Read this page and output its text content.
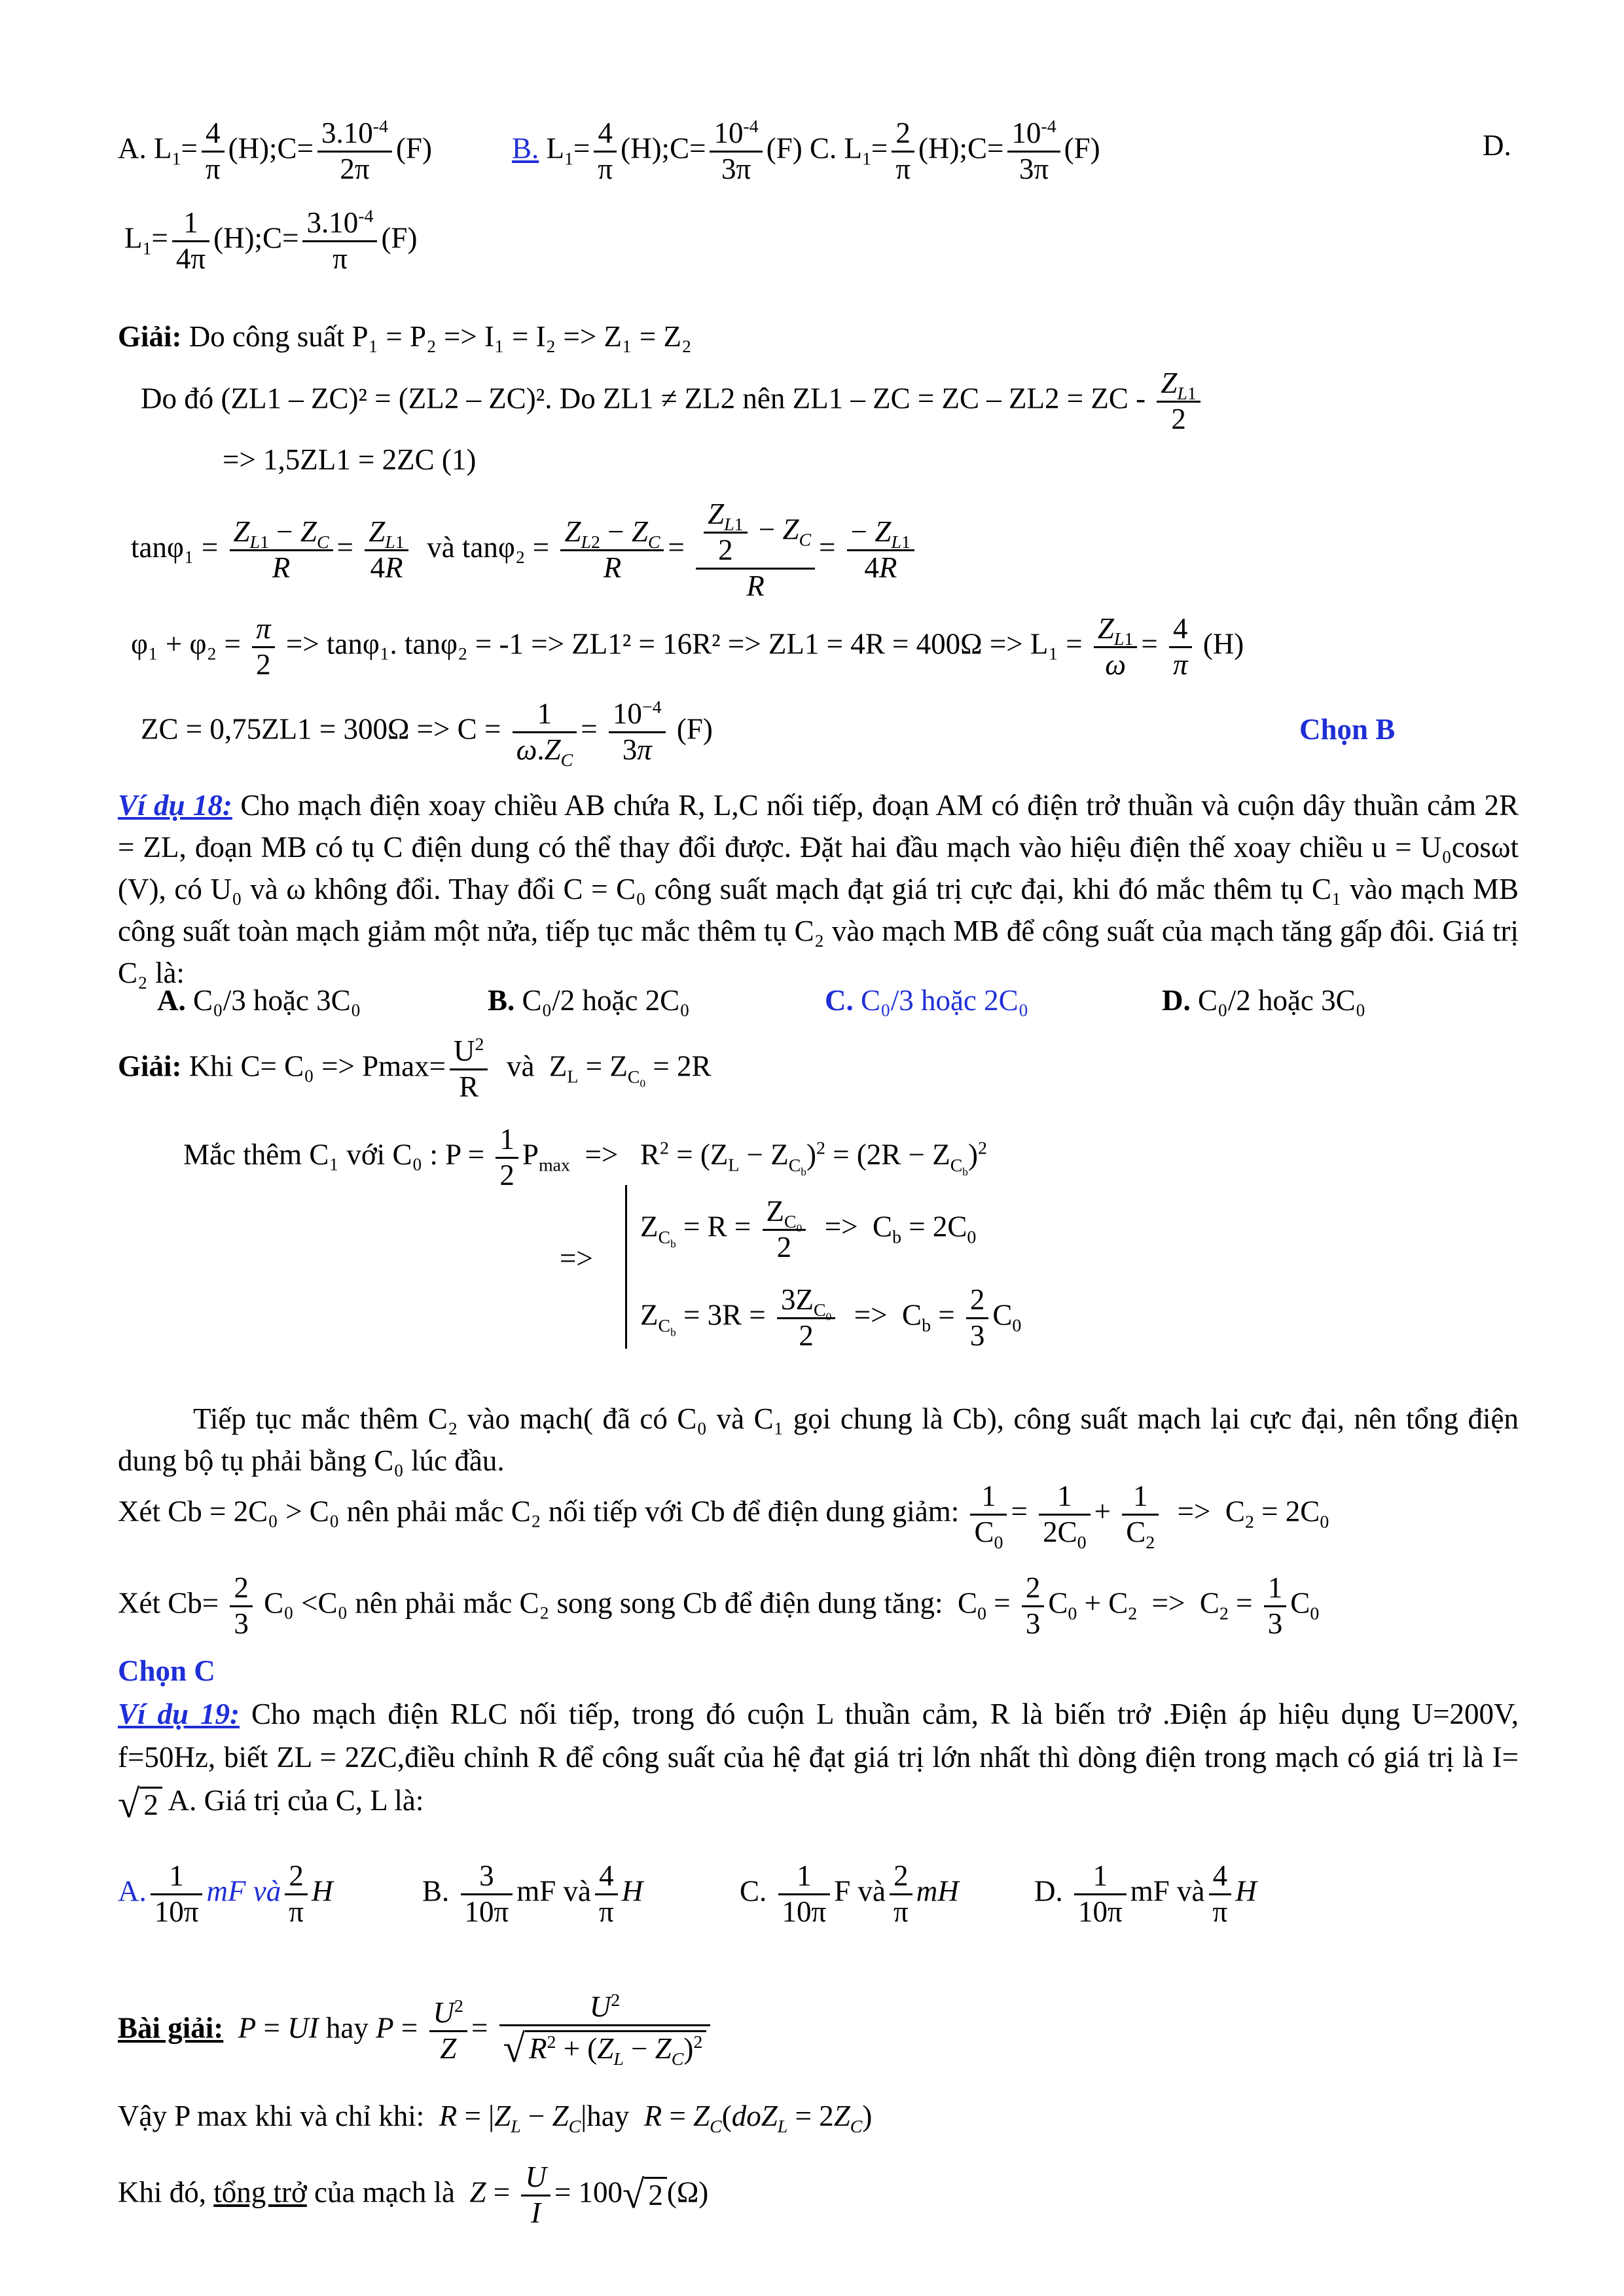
A. $L_1= \frac{4}{\pi}$ (H);C= $\frac{3.10^{-4}}{2\pi} (F)$	B. $L_1= \frac{4}{\pi}$ (H);C= $\frac{10^{-4}}{3\pi} (F)$ C. $L_1= \frac{2}{\pi}$ (H);C= $\frac{10^{-4}}{3\pi} (F)$	D.
$L_1= \frac{1}{4\pi}$ (H);C= $\frac{3.10^{-4}}{\pi} (F)$
Giải: Do công suất P₁ = P₂ => I₁ = I₂ => Z₁ = Z₂
Do đó (ZL1 – ZC)² = (ZL2 – ZC)². Do ZL1 ≠ ZL2 nên ZL1 – ZC = ZC – ZL2 = ZC - $\frac{Z_{L1}}{2}$
=> 1,5ZL1 = 2ZC (1)
$\tan\varphi_1 = \frac{Z_{L1} - Z_C}{R} = \frac{Z_{L1}}{4R}$ và $\tan\varphi_2 = \frac{Z_{L2} - Z_C}{R} = \frac{\frac{Z_{L1}}{2} - Z_C}{R} = \frac{- Z_{L1}}{4R}$
$\varphi_1 + \varphi_2 = \frac{\pi}{2} => \tan\varphi_1$. $\tan\varphi_2 = -1 => ZL1^2 = 16R^2 => ZL1 = 4R = 400\Omega => L_1 = \frac{Z_{L1}}{\omega} = \frac{4}{\pi} (H)$
ZC = $0,75ZL1 = 300\Omega => C = \frac{1}{\omega.Z_C} = \frac{10^{-4}}{3\pi} (F)$	Chọn B
Ví dụ 18: Cho mạch điện xoay chiều AB chứa R, L,C nối tiếp, đoạn AM có điện trở thuần và cuộn dây thuần cảm 2R = ZL, đoạn MB có tụ C điện dung có thể thay đổi được. Đặt hai đầu mạch vào hiệu điện thế xoay chiều u = U₀cosωt (V), có U₀ và ω không đổi. Thay đổi C = C₀ công suất mạch đạt giá trị cực đại, khi đó mắc thêm tụ C₁ vào mạch MB công suất toàn mạch giảm một nửa, tiếp tục mắc thêm tụ C₂ vào mạch MB để công suất của mạch tăng gấp đôi. Giá trị C₂ là:
A. C₀/3 hoặc 3C₀	B. C₀/2 hoặc 2C₀	C. C₀/3 hoặc 2C₀	D. C₀/2 hoặc 3C₀
Giải: Khi $C= C_0 => Pmax= \frac{U^2}{R}$ và  $Z_L = Z_{C_0} = 2R$
Mắc thêm C₁ với C₀ : $P = \frac{1}{2} P_{max} => R^2 = (Z_L - Z_{C_b})^2 = (2R - Z_{C_b})^2$
=>
$Z_{C_b} = R = \frac{Z_{C_0}}{2} => C_b = 2C_0$
$Z_{C_b} = 3R = \frac{3Z_{C_0}}{2} => C_b = \frac{2}{3} C_0$
Tiếp tục mắc thêm C₂ vào mạch( đã có C₀ và C₁ gọi chung là Cb), công suất mạch lại cực đại, nên tổng điện dung bộ tụ phải bằng C₀ lúc đầu.
Xét Cb = 2C₀ > C₀ nên phải mắc C₂ nối tiếp với Cb để điện dung giảm: $\frac{1}{C_0} = \frac{1}{2C_0} + \frac{1}{C_2} => C_2 = 2C_0$
Xét $Cb= \frac{2}{3} C_0 <C_0$ nên phải mắc C₂ song song Cb để điện dung tăng:  $C_0 = \frac{2}{3} C_0 + C_2 => C_2 = \frac{1}{3} C_0$
Chọn C
Ví dụ 19: Cho mạch điện RLC nối tiếp, trong đó cuộn L thuần cảm, R là biến trở .Điện áp hiệu dụng U=200V, f=50Hz, biết ZL = 2ZC,điều chỉnh R để công suất của hệ đạt giá trị lớn nhất thì dòng điện trong mạch có giá trị là I=√ 2 A. Giá trị của C, L là:
A. $\frac{1}{10\pi}$ mF và $\frac{2}{\pi}$ H	B. $\frac{3}{10\pi}$ mF và $\frac{4}{\pi}$ H	C. $\frac{1}{10\pi}$ F và $\frac{2}{\pi}$ mH	D. $\frac{1}{10\pi}$ mF và $\frac{4}{\pi}$ H
Bài giải: P = UI hay $P = \frac{U^2}{Z} = \frac{U^2}{√ R^2 + (Z_L - Z_C)^2}$
Vậy P max khi và chỉ khi: $R = |Z_L - Z_C|hay$ $R = Z_C(doZ_L = 2Z_C)$
Khi đó, tổng trở của mạch là $Z = \frac{U}{I} = 100√$ 2 (Ω)
